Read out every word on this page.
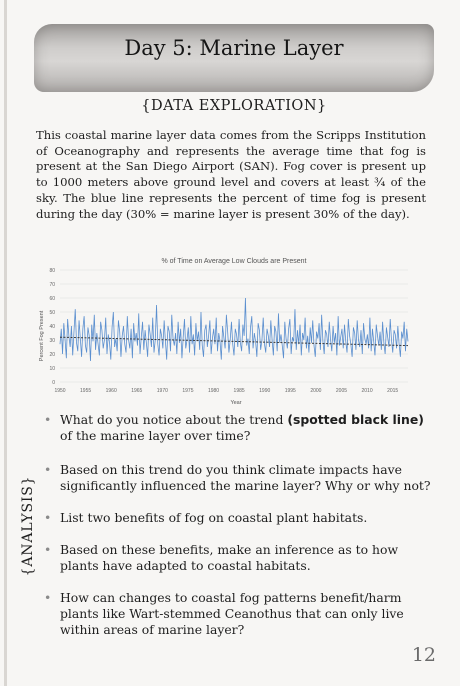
Day 5: Marine Layer
{DATA EXPLORATION}

This coastal marine layer data comes from the Scripps Institution of Oceanography and represents the average time that fog is present at the San Diego Airport (SAN). Fog cover is present up to 1000 meters above ground level and covers at least ¾ of the sky. The blue line represents the percent of time fog is present during the day (30% = marine layer is present 30% of the day).

% of Time on Average Low Clouds are Present
Percent Fog Present
Year
0
10
20
30
40
50
60
70
80
1950	1955	1960	1965	1970	1975	1980	1985	1990	1995	2000	2005	2010	2015
{ANALYSIS}
• What do you notice about the trend (spotted black line) of the marine layer over time?
• Based on this trend do you think climate impacts have significantly influenced the marine layer? Why or why not?
• List two benefits of fog on coastal plant habitats.
• Based on these benefits, make an inference as to how plants have adapted to coastal habitats.
• How can changes to coastal fog patterns benefit/harm plants like Wart-stemmed Ceanothus that can only live within areas of marine layer?
12
